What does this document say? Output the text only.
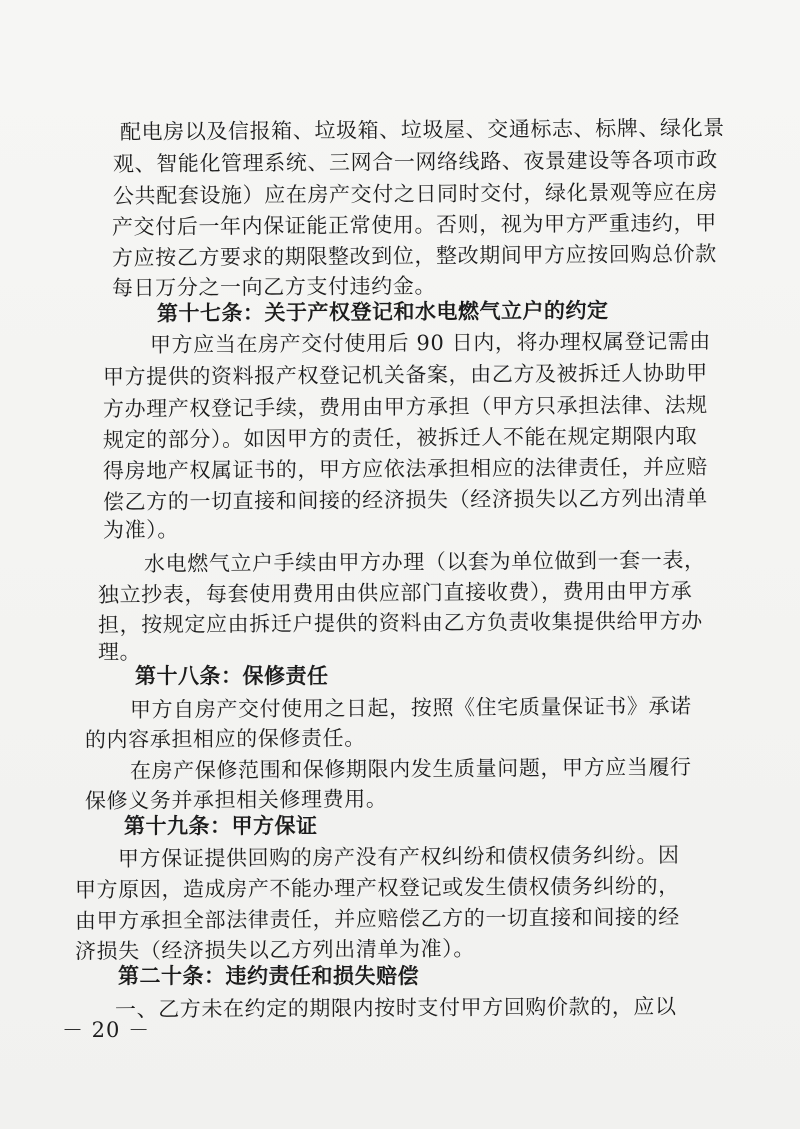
配电房以及信报箱、垃圾箱、垃圾屋、交通标志、标牌、绿化景
观、智能化管理系统、三网合一网络线路、夜景建设等各项市政
公共配套设施）应在房产交付之日同时交付，绿化景观等应在房
产交付后一年内保证能正常使用。否则，视为甲方严重违约，甲
方应按乙方要求的期限整改到位，整改期间甲方应按回购总价款
每日万分之一向乙方支付违约金。
第十七条：关于产权登记和水电燃气立户的约定
甲方应当在房产交付使用后 90 日内，将办理权属登记需由
甲方提供的资料报产权登记机关备案，由乙方及被拆迁人协助甲
方办理产权登记手续，费用由甲方承担（甲方只承担法律、法规
规定的部分）。如因甲方的责任，被拆迁人不能在规定期限内取
得房地产权属证书的，甲方应依法承担相应的法律责任，并应赔
偿乙方的一切直接和间接的经济损失（经济损失以乙方列出清单
为准）。
水电燃气立户手续由甲方办理（以套为单位做到一套一表，
独立抄表，每套使用费用由供应部门直接收费），费用由甲方承
担，按规定应由拆迁户提供的资料由乙方负责收集提供给甲方办
理。
第十八条：保修责任
甲方自房产交付使用之日起，按照《住宅质量保证书》承诺
的内容承担相应的保修责任。
在房产保修范围和保修期限内发生质量问题，甲方应当履行
保修义务并承担相关修理费用。
第十九条：甲方保证
甲方保证提供回购的房产没有产权纠纷和债权债务纠纷。因
甲方原因，造成房产不能办理产权登记或发生债权债务纠纷的，
由甲方承担全部法律责任，并应赔偿乙方的一切直接和间接的经
济损失（经济损失以乙方列出清单为准）。
第二十条：违约责任和损失赔偿
一、乙方未在约定的期限内按时支付甲方回购价款的，应以
－ 20 －
